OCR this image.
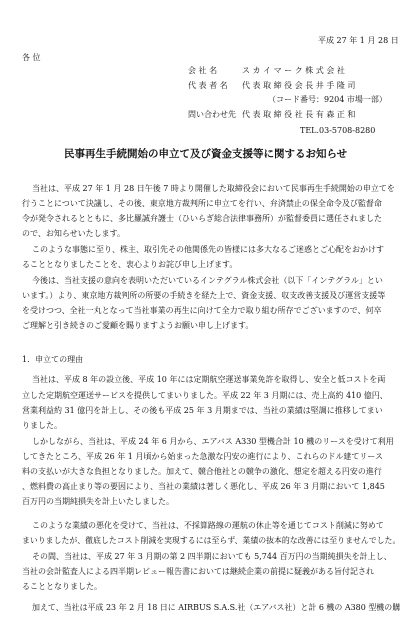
平成 27 年 1 月 28 日
各 位
会 社 名	ス カ イ マ ー ク 株 式 会 社
代 表 者 名 代 表 取 締 役 会 長 井 手 隆 司
（コード番号：9204 市場一部）
問い合わせ先 代 表 取 締 役 社 長 有 森 正 和
TEL.03-5708-8280
民事再生手続開始の申立て及び資金支援等に関するお知らせ
当社は、平成 27 年 1 月 28 日午後 7 時より開催した取締役会において民事再生手続開始の申立てを
行うことについて決議し、その後、東京地方裁判所に申立てを行い、弁済禁止の保全命令及び監督命
令が発令されるとともに、多比羅誠弁護士（ひいらぎ総合法律事務所）が監督委員に選任されました
ので、お知らせいたします。
このような事態に至り、株主、取引先その他関係先の皆様には多大なるご迷惑とご心配をおかけす
ることとなりましたことを、衷心よりお詫び申し上げます。
今後は、当社支援の意向を表明いただいているインテグラル株式会社（以下「インテグラル」とい
います。）より、東京地方裁判所の所要の手続きを経た上で、資金支援、収支改善支援及び運営支援等
を受けつつ、全社一丸となって当社事業の再生に向けて全力で取り組む所存でございますので、何卒
ご理解と引き続きのご愛顧を賜りますようお願い申し上げます。
1．申立ての理由
当社は、平成 8 年の設立後、平成 10 年には定期航空運送事業免許を取得し、安全と低コストを両
立した定期航空運送サービスを提供してまいりました。平成 22 年 3 月期には、売上高約 410 億円、
営業利益約 31 億円を計上し、その後も平成 25 年 3 月期までは、当社の業績は堅調に推移してまい
りました。
しかしながら、当社は、平成 24 年 6 月から、エアバス A330 型機合計 10 機のリースを受けて利用
してきたところ、平成 26 年 1 月頃から始まった急激な円安の進行により、これらのドル建てリース
料の支払いが大きな負担となりました。加えて、競合他社との競争の激化、想定を超える円安の進行
、燃料費の高止まり等の要因により、当社の業績は著しく悪化し、平成 26 年 3 月期において 1,845
百万円の当期純損失を計上いたしました。
このような業績の悪化を受けて、当社は、不採算路線の運航の休止等を通じてコスト削減に努めて
まいりましたが、徹底したコスト削減を実現するには至らず、業績の抜本的な改善には至りませんでした。
その間、当社は、平成 27 年 3 月期の第 2 四半期においても 5,744 百万円の当期純損失を計上し、
当社の会計監査人による四半期レビュー報告書においては継続企業の前提に疑義がある旨付記され
ることとなりました。
加えて、当社は平成 23 年 2 月 18 日に AIRBUS S.A.S.社（エアバス社）と計 6 機の A380 型機の購
